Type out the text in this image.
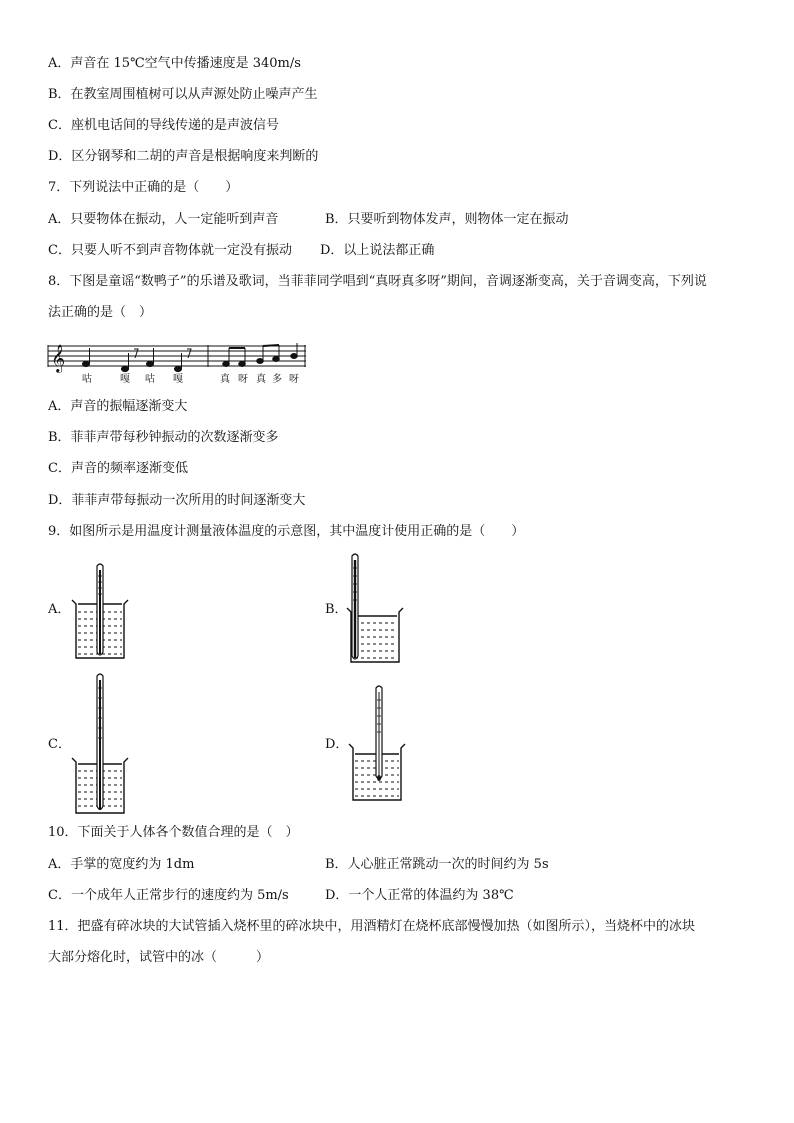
A．声音在 15℃空气中传播速度是 340m/s
B．在教室周围植树可以从声源处防止噪声产生
C．座机电话间的导线传递的是声波信号
D．区分钢琴和二胡的声音是根据响度来判断的
7．下列说法中正确的是（　　）
A．只要物体在振动，人一定能听到声音	B．只要听到物体发声，则物体一定在振动
C．只要人听不到声音物体就一定没有振动 D．以上说法都正确
8．下图是童谣“数鸭子”的乐谱及歌词，当菲菲同学唱到“真呀真多呀”期间，音调逐渐变高，关于音调变高，下列说
法正确的是（　）
𝄞
咕	嘎 咕 嘎	真 呀 真 多 呀
A．声音的振幅逐渐变大
B．菲菲声带每秒钟振动的次数逐渐变多
C．声音的频率逐渐变低
D．菲菲声带每振动一次所用的时间逐渐变大
9．如图所示是用温度计测量液体温度的示意图，其中温度计使用正确的是（　　）
A．	B．
C．	D．
10．下面关于人体各个数值合理的是（　）
A．手掌的宽度约为 1dm	B．人心脏正常跳动一次的时间约为 5s
C．一个成年人正常步行的速度约为 5m/s	D．一个人正常的体温约为 38℃
11．把盛有碎冰块的大试管插入烧杯里的碎冰块中，用酒精灯在烧杯底部慢慢加热（如图所示），当烧杯中的冰块
大部分熔化时，试管中的冰（　　　）
